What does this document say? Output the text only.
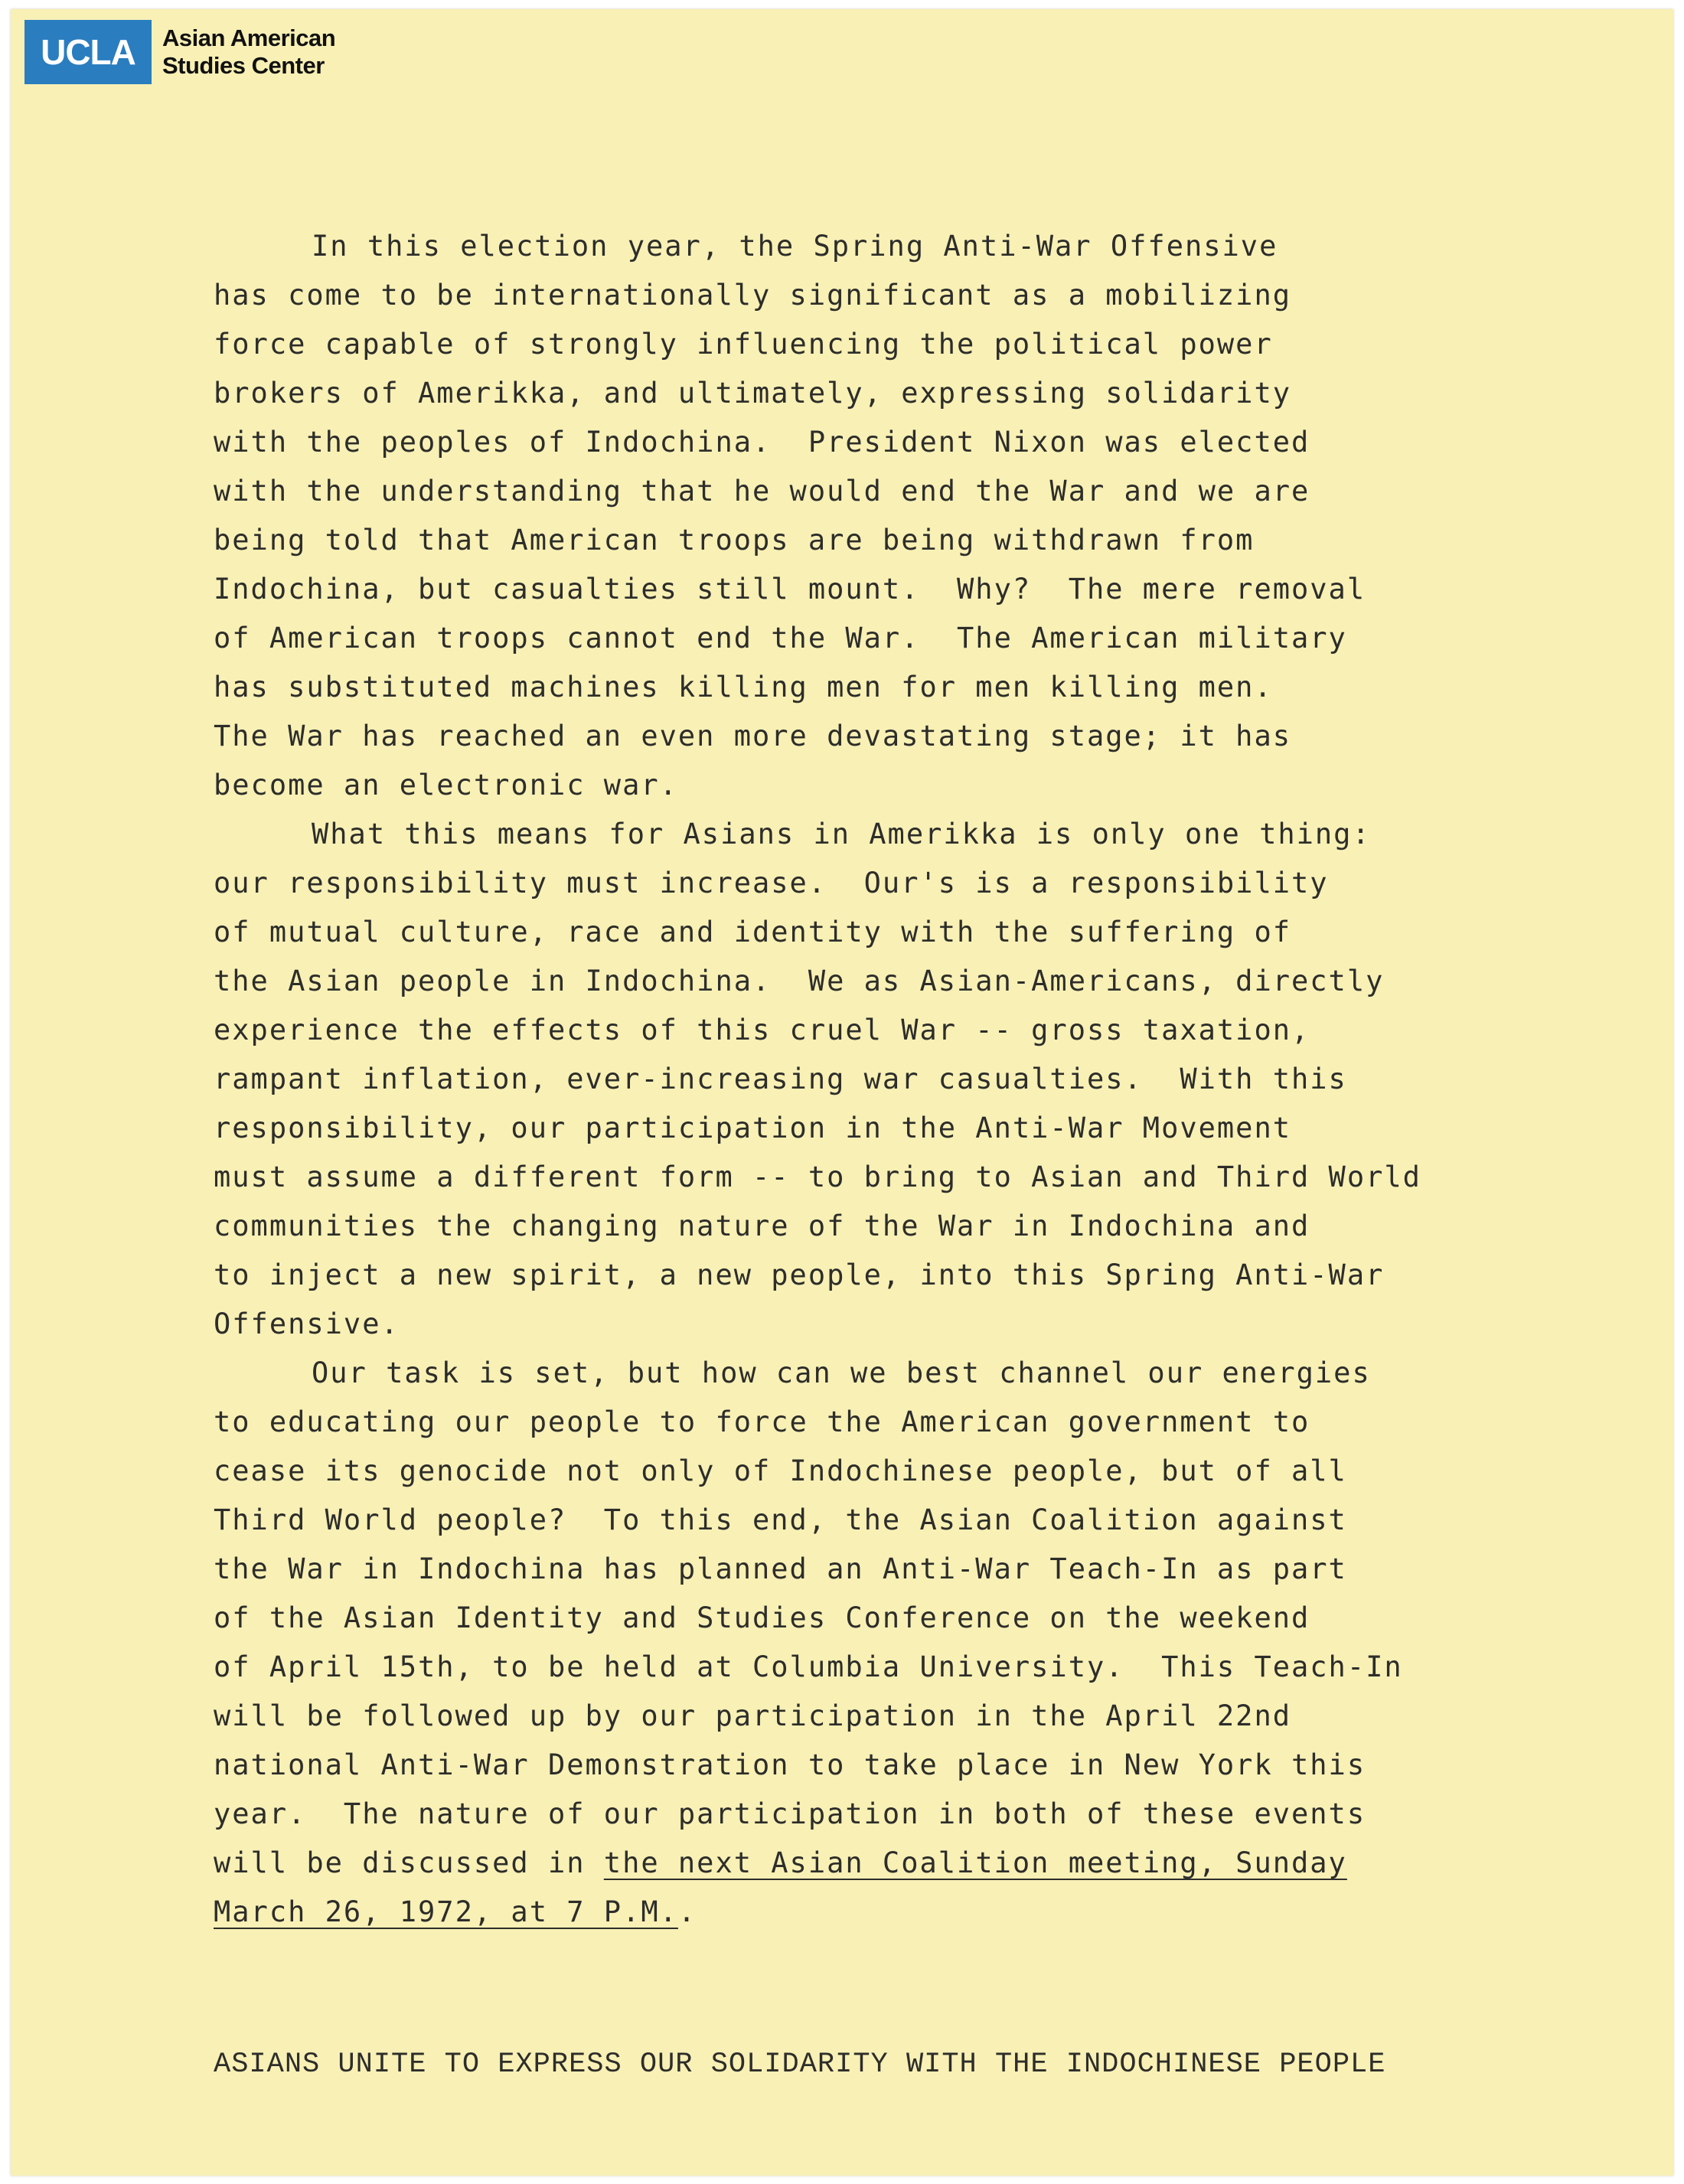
UCLA	Asian American
Studies Center
In this election year, the Spring Anti-War Offensive
has come to be internationally significant as a mobilizing
force capable of strongly influencing the political power
brokers of Amerikka, and ultimately, expressing solidarity
with the peoples of Indochina.  President Nixon was elected
with the understanding that he would end the War and we are
being told that American troops are being withdrawn from
Indochina, but casualties still mount.  Why?  The mere removal
of American troops cannot end the War.  The American military
has substituted machines killing men for men killing men.
The War has reached an even more devastating stage; it has
become an electronic war.
What this means for Asians in Amerikka is only one thing:
our responsibility must increase.  Our's is a responsibility
of mutual culture, race and identity with the suffering of
the Asian people in Indochina.  We as Asian-Americans, directly
experience the effects of this cruel War -- gross taxation,
rampant inflation, ever-increasing war casualties.  With this
responsibility, our participation in the Anti-War Movement
must assume a different form -- to bring to Asian and Third World
communities the changing nature of the War in Indochina and
to inject a new spirit, a new people, into this Spring Anti-War
Offensive.
Our task is set, but how can we best channel our energies
to educating our people to force the American government to
cease its genocide not only of Indochinese people, but of all
Third World people?  To this end, the Asian Coalition against
the War in Indochina has planned an Anti-War Teach-In as part
of the Asian Identity and Studies Conference on the weekend
of April 15th, to be held at Columbia University.  This Teach-In
will be followed up by our participation in the April 22nd
national Anti-War Demonstration to take place in New York this
year.  The nature of our participation in both of these events
will be discussed in the next Asian Coalition meeting, Sunday
March 26, 1972, at 7 P.M..
ASIANS UNITE TO EXPRESS OUR SOLIDARITY WITH THE INDOCHINESE PEOPLE
